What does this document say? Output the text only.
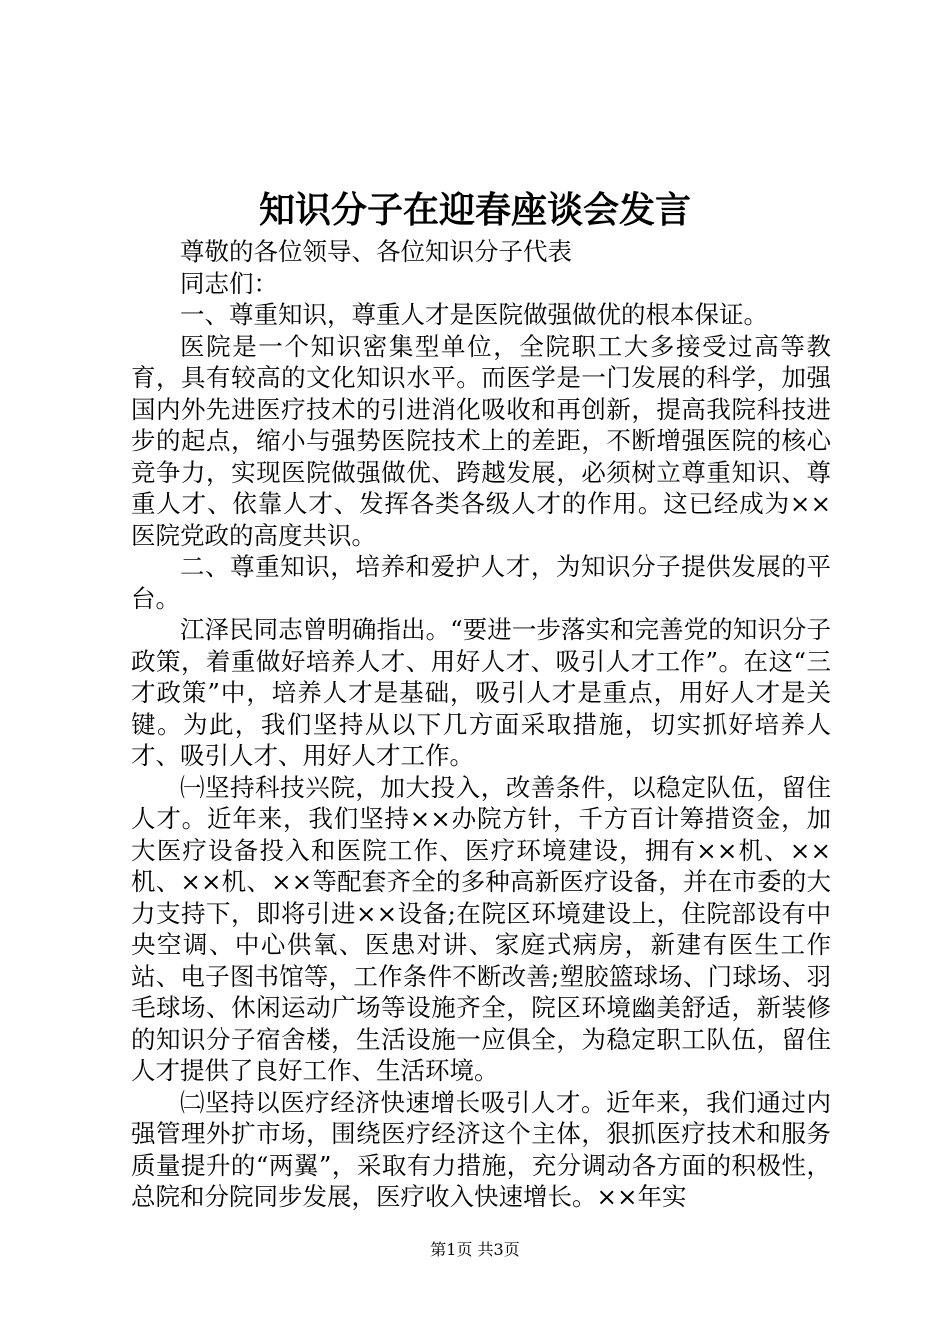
知识分子在迎春座谈会发言

尊敬的各位领导、各位知识分子代表

同志们：

一、尊重知识，尊重人才是医院做强做优的根本保证。

医院是一个知识密集型单位，全院职工大多接受过高等教育，具有较高的文化知识水平。而医学是一门发展的科学，加强国内外先进医疗技术的引进消化吸收和再创新，提高我院科技进步的起点，缩小与强势医院技术上的差距，不断增强医院的核心竞争力，实现医院做强做优、跨越发展，必须树立尊重知识、尊重人才、依靠人才、发挥各类各级人才的作用。这已经成为××医院党政的高度共识。

二、尊重知识，培养和爱护人才，为知识分子提供发展的平台。

江泽民同志曾明确指出。“要进一步落实和完善党的知识分子政策，着重做好培养人才、用好人才、吸引人才工作”。在这“三才政策”中，培养人才是基础，吸引人才是重点，用好人才是关键。为此，我们坚持从以下几方面采取措施，切实抓好培养人才、吸引人才、用好人才工作。

㈠坚持科技兴院，加大投入，改善条件，以稳定队伍，留住人才。近年来，我们坚持××办院方针，千方百计筹措资金，加大医疗设备投入和医院工作、医疗环境建设，拥有××机、××机、××机、××等配套齐全的多种高新医疗设备，并在市委的大力支持下，即将引进××设备;在院区环境建设上，住院部设有中央空调、中心供氧、医患对讲、家庭式病房，新建有医生工作站、电子图书馆等，工作条件不断改善;塑胶篮球场、门球场、羽毛球场、休闲运动广场等设施齐全，院区环境幽美舒适，新装修的知识分子宿舍楼，生活设施一应俱全，为稳定职工队伍，留住人才提供了良好工作、生活环境。

㈡坚持以医疗经济快速增长吸引人才。近年来，我们通过内强管理外扩市场，围绕医疗经济这个主体，狠抓医疗技术和服务质量提升的“两翼”，采取有力措施，充分调动各方面的积极性，总院和分院同步发展，医疗收入快速增长。××年实

第1页 共3页
